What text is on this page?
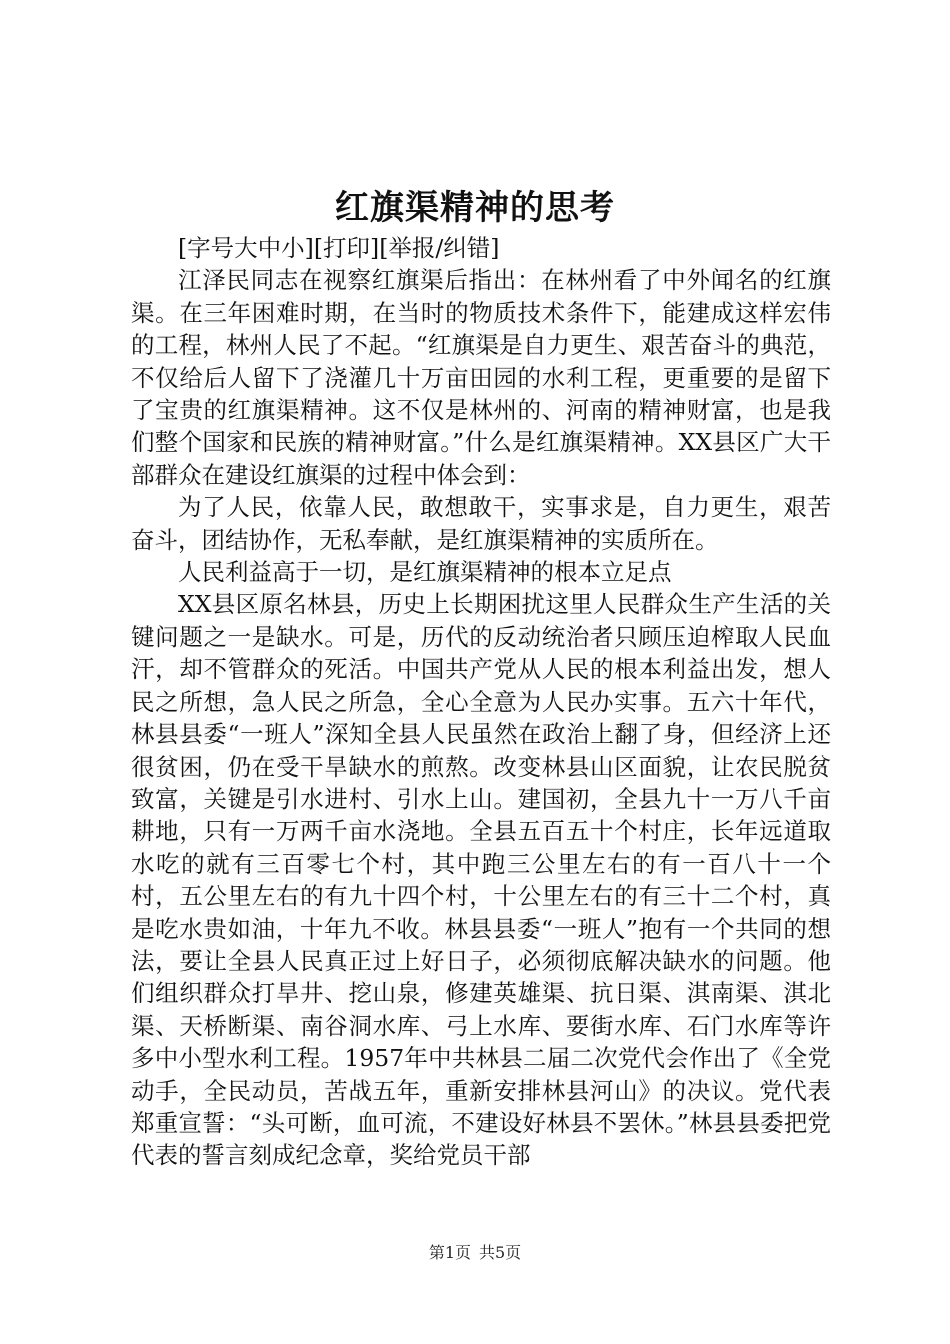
红旗渠精神的思考

[字号大中小][打印][举报/纠错]

江泽民同志在视察红旗渠后指出：在林州看了中外闻名的红旗渠。在三年困难时期，在当时的物质技术条件下，能建成这样宏伟的工程，林州人民了不起。“红旗渠是自力更生、艰苦奋斗的典范，不仅给后人留下了浇灌几十万亩田园的水利工程，更重要的是留下了宝贵的红旗渠精神。这不仅是林州的、河南的精神财富，也是我们整个国家和民族的精神财富。”什么是红旗渠精神。XX县区广大干部群众在建设红旗渠的过程中体会到：

为了人民，依靠人民，敢想敢干，实事求是，自力更生，艰苦奋斗，团结协作，无私奉献，是红旗渠精神的实质所在。

人民利益高于一切，是红旗渠精神的根本立足点

XX县区原名林县，历史上长期困扰这里人民群众生产生活的关键问题之一是缺水。可是，历代的反动统治者只顾压迫榨取人民血汗，却不管群众的死活。中国共产党从人民的根本利益出发，想人民之所想，急人民之所急，全心全意为人民办实事。五六十年代，林县县委“一班人”深知全县人民虽然在政治上翻了身，但经济上还很贫困，仍在受干旱缺水的煎熬。改变林县山区面貌，让农民脱贫致富，关键是引水进村、引水上山。建国初，全县九十一万八千亩耕地，只有一万两千亩水浇地。全县五百五十个村庄，长年远道取水吃的就有三百零七个村，其中跑三公里左右的有一百八十一个村，五公里左右的有九十四个村，十公里左右的有三十二个村，真是吃水贵如油，十年九不收。林县县委“一班人”抱有一个共同的想法，要让全县人民真正过上好日子，必须彻底解决缺水的问题。他们组织群众打旱井、挖山泉，修建英雄渠、抗日渠、淇南渠、淇北渠、天桥断渠、南谷洞水库、弓上水库、要街水库、石门水库等许多中小型水利工程。1957年中共林县二届二次党代会作出了《全党动手，全民动员，苦战五年，重新安排林县河山》的决议。党代表郑重宣誓：“头可断，血可流，不建设好林县不罢休。”林县县委把党代表的誓言刻成纪念章，奖给党员干部

第1页 共5页
